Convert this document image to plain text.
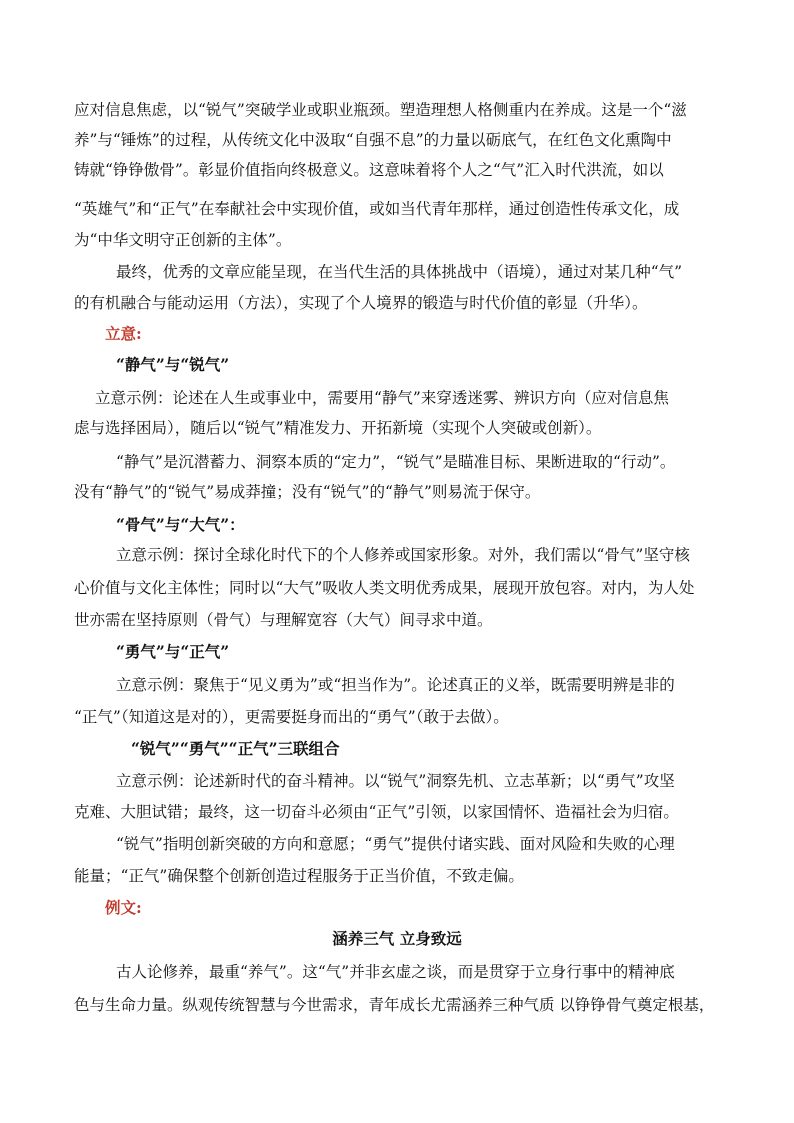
应对信息焦虑，以“锐气”突破学业或职业瓶颈。塑造理想人格侧重内在养成。这是一个“滋
养”与“锤炼”的过程，从传统文化中汲取“自强不息”的力量以砺底气，在红色文化熏陶中
铸就“铮铮傲骨”。彰显价值指向终极意义。这意味着将个人之“气”汇入时代洪流，如以
“英雄气”和“正气”在奉献社会中实现价值，或如当代青年那样，通过创造性传承文化，成
为“中华文明守正创新的主体”。
最终，优秀的文章应能呈现，在当代生活的具体挑战中（语境），通过对某几种“气”
的有机融合与能动运用（方法），实现了个人境界的锻造与时代价值的彰显（升华）。
立意:
“静气”与“锐气”
立意示例：论述在人生或事业中，需要用“静气”来穿透迷雾、辨识方向（应对信息焦
虑与选择困局），随后以“锐气”精准发力、开拓新境（实现个人突破或创新）。
“静气”是沉潜蓄力、洞察本质的“定力”，“锐气”是瞄准目标、果断进取的“行动”。
没有“静气”的“锐气”易成莽撞；没有“锐气”的“静气”则易流于保守。
“骨气”与“大气”：
立意示例：探讨全球化时代下的个人修养或国家形象。对外，我们需以“骨气”坚守核
心价值与文化主体性；同时以“大气”吸收人类文明优秀成果，展现开放包容。对内，为人处
世亦需在坚持原则（骨气）与理解宽容（大气）间寻求中道。
“勇气”与“正气”
立意示例：聚焦于“见义勇为”或“担当作为”。论述真正的义举，既需要明辨是非的
“正气”（知道这是对的），更需要挺身而出的“勇气”（敢于去做）。
“锐气”“勇气”“正气”三联组合
立意示例：论述新时代的奋斗精神。以“锐气”洞察先机、立志革新；以“勇气”攻坚
克难、大胆试错；最终，这一切奋斗必须由“正气”引领，以家国情怀、造福社会为归宿。
“锐气”指明创新突破的方向和意愿；“勇气”提供付诸实践、面对风险和失败的心理
能量；“正气”确保整个创新创造过程服务于正当价值，不致走偏。
例文:
涵养三气 立身致远
古人论修养，最重“养气”。这“气”并非玄虚之谈，而是贯穿于立身行事中的精神底
色与生命力量。纵观传统智慧与今世需求，青年成长尤需涵养三种气质 以铮铮骨气奠定根基，
